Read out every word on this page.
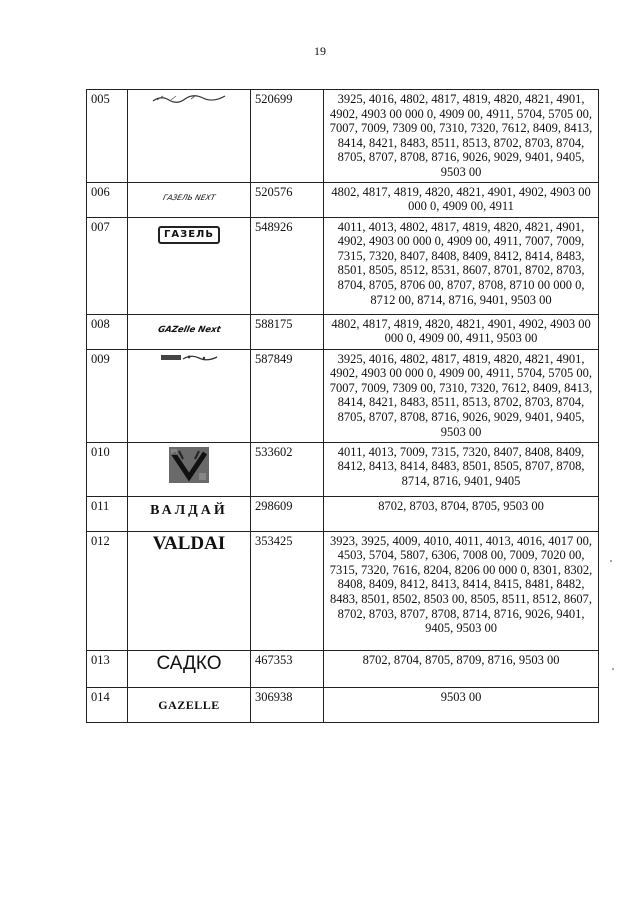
19
005		520699	3925, 4016, 4802, 4817, 4819, 4820, 4821, 4901, 4902, 4903 00 000 0, 4909 00, 4911, 5704, 5705 00, 7007, 7009, 7309 00, 7310, 7320, 7612, 8409, 8413, 8414, 8421, 8483, 8511, 8513, 8702, 8703, 8704, 8705, 8707, 8708, 8716, 9026, 9029, 9401, 9405, 9503 00
006	ГАЗЕЛЬ NEXT	520576	4802, 4817, 4819, 4820, 4821, 4901, 4902, 4903 00 000 0, 4909 00, 4911
007	ГАЗЕЛЬ	548926	4011, 4013, 4802, 4817, 4819, 4820, 4821, 4901, 4902, 4903 00 000 0, 4909 00, 4911, 7007, 7009, 7315, 7320, 8407, 8408, 8409, 8412, 8414, 8483, 8501, 8505, 8512, 8531, 8607, 8701, 8702, 8703, 8704, 8705, 8706 00, 8707, 8708, 8710 00 000 0, 8712 00, 8714, 8716, 9401, 9503 00
008	GAZelle Next	588175	4802, 4817, 4819, 4820, 4821, 4901, 4902, 4903 00 000 0, 4909 00, 4911, 9503 00
009		587849	3925, 4016, 4802, 4817, 4819, 4820, 4821, 4901, 4902, 4903 00 000 0, 4909 00, 4911, 5704, 5705 00, 7007, 7009, 7309 00, 7310, 7320, 7612, 8409, 8413, 8414, 8421, 8483, 8511, 8513, 8702, 8703, 8704, 8705, 8707, 8708, 8716, 9026, 9029, 9401, 9405, 9503 00
010		533602	4011, 4013, 7009, 7315, 7320, 8407, 8408, 8409, 8412, 8413, 8414, 8483, 8501, 8505, 8707, 8708, 8714, 8716, 9401, 9405
011	ВАЛДАЙ	298609	8702, 8703, 8704, 8705, 9503 00
012	VALDAI	353425	3923, 3925, 4009, 4010, 4011, 4013, 4016, 4017 00, 4503, 5704, 5807, 6306, 7008 00, 7009, 7020 00, 7315, 7320, 7616, 8204, 8206 00 000 0, 8301, 8302, 8408, 8409, 8412, 8413, 8414, 8415, 8481, 8482, 8483, 8501, 8502, 8503 00, 8505, 8511, 8512, 8607, 8702, 8703, 8707, 8708, 8714, 8716, 9026, 9401, 9405, 9503 00
013	САДКО	467353	8702, 8704, 8705, 8709, 8716, 9503 00
014	GAZELLE	306938	9503 00
